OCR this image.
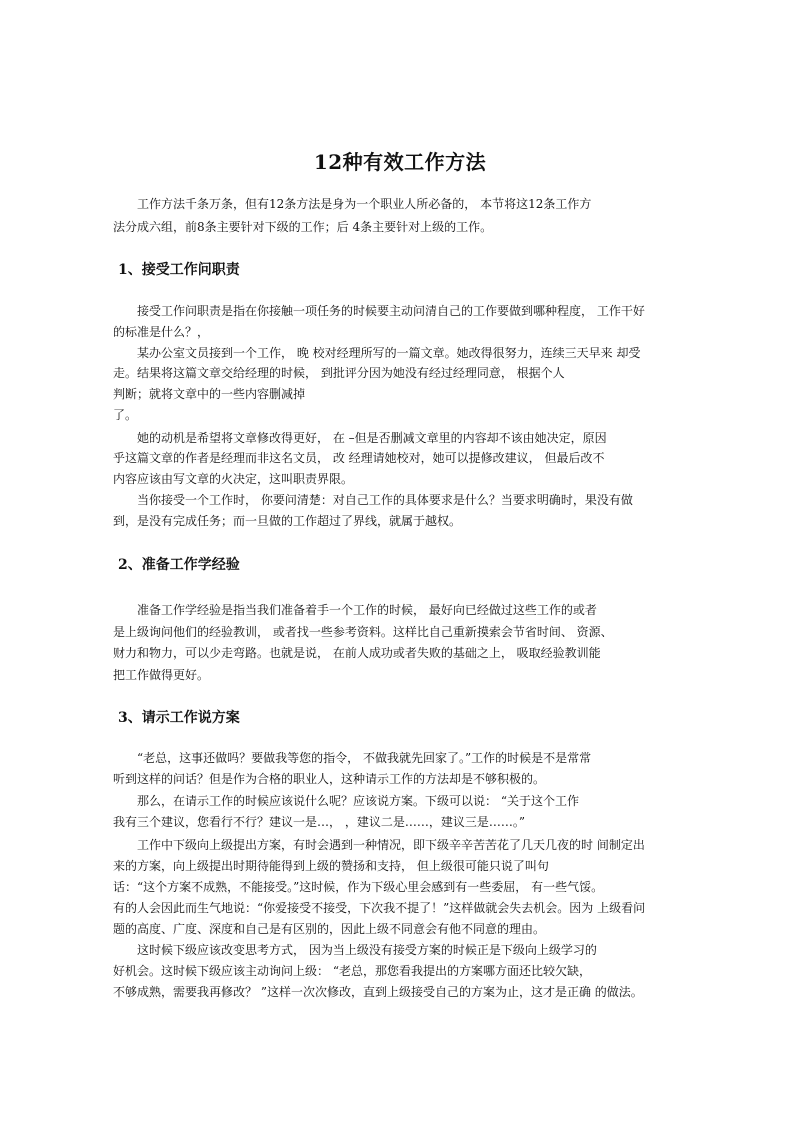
12种有效工作方法
工作方法千条万条，但有12条方法是身为一个职业人所必备的， 本节将这12条工作方
法分成六组，前8条主要针对下级的工作；后 4条主要针对上级的工作。
1、接受工作问职责
接受工作问职责是指在你接触一项任务的时候要主动问清自己的工作要做到哪种程度， 工作干好
的标准是什么？，
某办公室文员接到一个工作， 晚 校对经理所写的一篇文章。她改得很努力，连续三天早来 却受
走。结果将这篇文章交给经理的时候， 到批评分因为她没有经过经理同意， 根据个人
判断；就将文章中的一些内容删减掉
了。
她的动机是希望将文章修改得更好， 在 –但是否删减文章里的内容却不该由她决定，原因
乎这篇文章的作者是经理而非这名文员， 改 经理请她校对，她可以提修改建议， 但最后改不
内容应该由写文章的火决定，这叫职责界限。
当你接受一个工作时， 你要问清楚：对自己工作的具体要求是什么？当要求明确时，果没有做
到，是没有完成任务；而一旦做的工作超过了界线，就属于越权。
2、准备工作学经验
准备工作学经验是指当我们准备着手一个工作的时候， 最好向已经做过这些工作的或者
是上级询问他们的经验教训， 或者找一些参考资料。这样比自己重新摸索会节省时间、 资源、
财力和物力，可以少走弯路。也就是说， 在前人成功或者失败的基础之上， 吸取经验教训能
把工作做得更好。
3、请示工作说方案
“老总，这事还做吗？要做我等您的指令， 不做我就先回家了。”工作的时候是不是常常
听到这样的问话？但是作为合格的职业人，这种请示工作的方法却是不够积极的。
那么，在请示工作的时候应该说什么呢？应该说方案。下级可以说： “关于这个工作
我有三个建议，您看行不行？建议一是…， ，建议二是……，建议三是……。”
工作中下级向上级提出方案，有时会遇到一种情况，即下级辛辛苦苦花了几天几夜的时 间制定出
来的方案，向上级提出时期待能得到上级的赞扬和支持， 但上级很可能只说了叫句
话：“这个方案不成熟，不能接受。”这时候，作为下级心里会感到有一些委屈， 有一些气馁。
有的人会因此而生气地说：“你爱接受不接受，下次我不提了！”这样做就会失去机会。因为 上级看问
题的高度、广度、深度和自己是有区别的，因此上级不同意会有他不同意的理由。
这时候下级应该改变思考方式， 因为当上级没有接受方案的时候正是下级向上级学习的
好机会。这时候下级应该主动询问上级： “老总，那您看我提出的方案哪方面还比较欠缺，
不够成熟，需要我再修改？ ”这样一次次修改，直到上级接受自己的方案为止，这才是正确 的做法。
